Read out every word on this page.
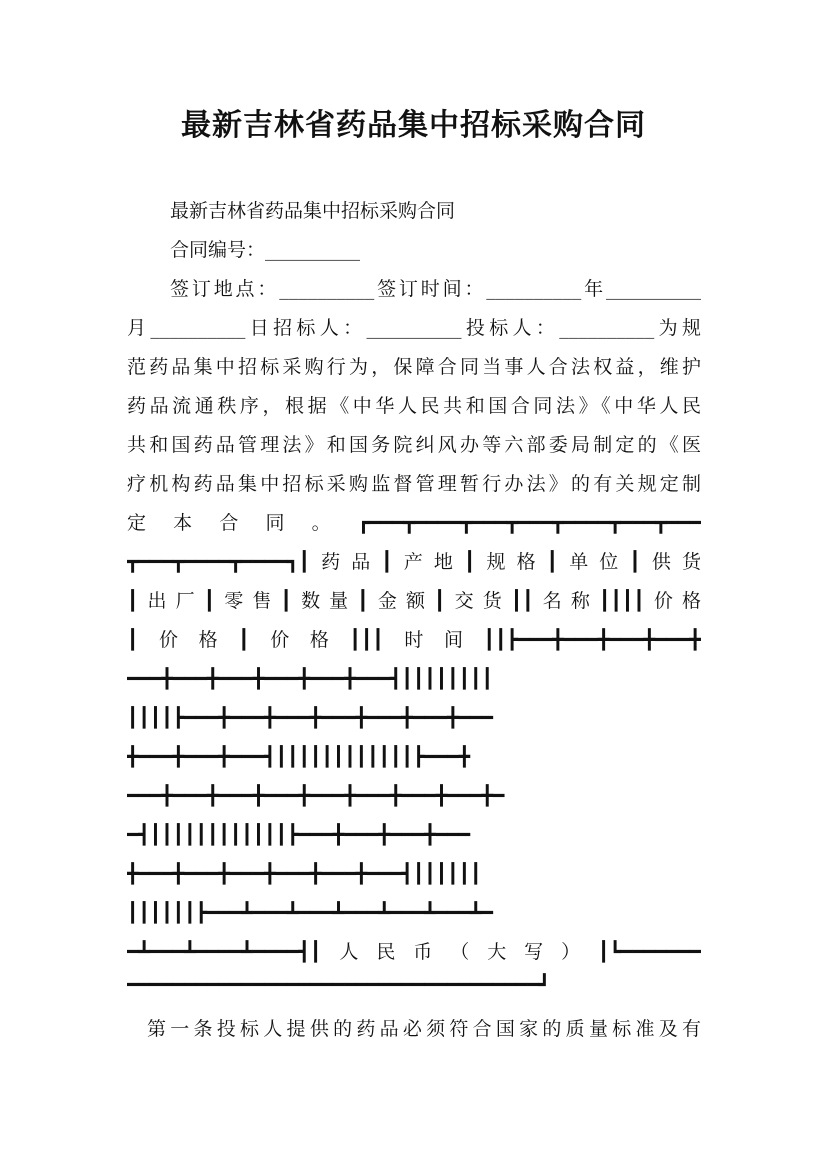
最新吉林省药品集中招标采购合同
最新吉林省药品集中招标采购合同
合同编号：__________
签订地点：__________签订时间：__________年__________
月__________日招标人：__________投标人：__________为规
范药品集中招标采购行为，保障合同当事人合法权益，维护
药品流通秩序，根据《中华人民共和国合同法》《中华人民
共和国药品管理法》和国务院纠风办等六部委局制定的《医
疗机构药品集中招标采购监督管理暂行办法》的有关规定制
定本合同。┏━━━┳━━━━┳━━━┳━━━┳━━━━┳━━━┳━━━
┳━━━┳━━━━┳━━━━┓┃药品┃产地┃规格┃单位┃供货
┃出厂┃零售┃数量┃金额┃交货┃┃名称┃┃┃┃价格
┃价格┃价格┃┃┃时间┃┃┣━━━╋━━━╋━━━╋━━━╋
━━━╋━━━╋━━━╋━━━╋━━━╋━━━┫┃┃┃┃┃┃┃┃
┃┃┃┃┣━━━╋━━━╋━━━╋━━━╋━━━╋━━━╋━━━
╋━━━╋━━━╋━━━┫┃┃┃┃┃┃┃┃┃┃┃┃┣━━━╋
━━━╋━━━╋━━━╋━━━╋━━━╋━━━╋━━━╋━━━╋━
━┫┃┃┃┃┃┃┃┃┃┃┃┃┣━━━╋━━━╋━━━╋━━━
╋━━━╋━━━╋━━━╋━━━╋━━━╋━━━┫┃┃┃┃┃┃
┃┃┃┃┃┃┣━━━┻━━━┻━━━┻━━━┻━━━┻━━━┻━
━┻━━━┻━━━━┻━━━━┫┃人民币（大写）┃┗━━━━━━━
━━━━━━━━━━━━━━━━━━━━━━━━━━━━━━━━━━━━┛
第一条投标人提供的药品必须符合国家的质量标准及有
